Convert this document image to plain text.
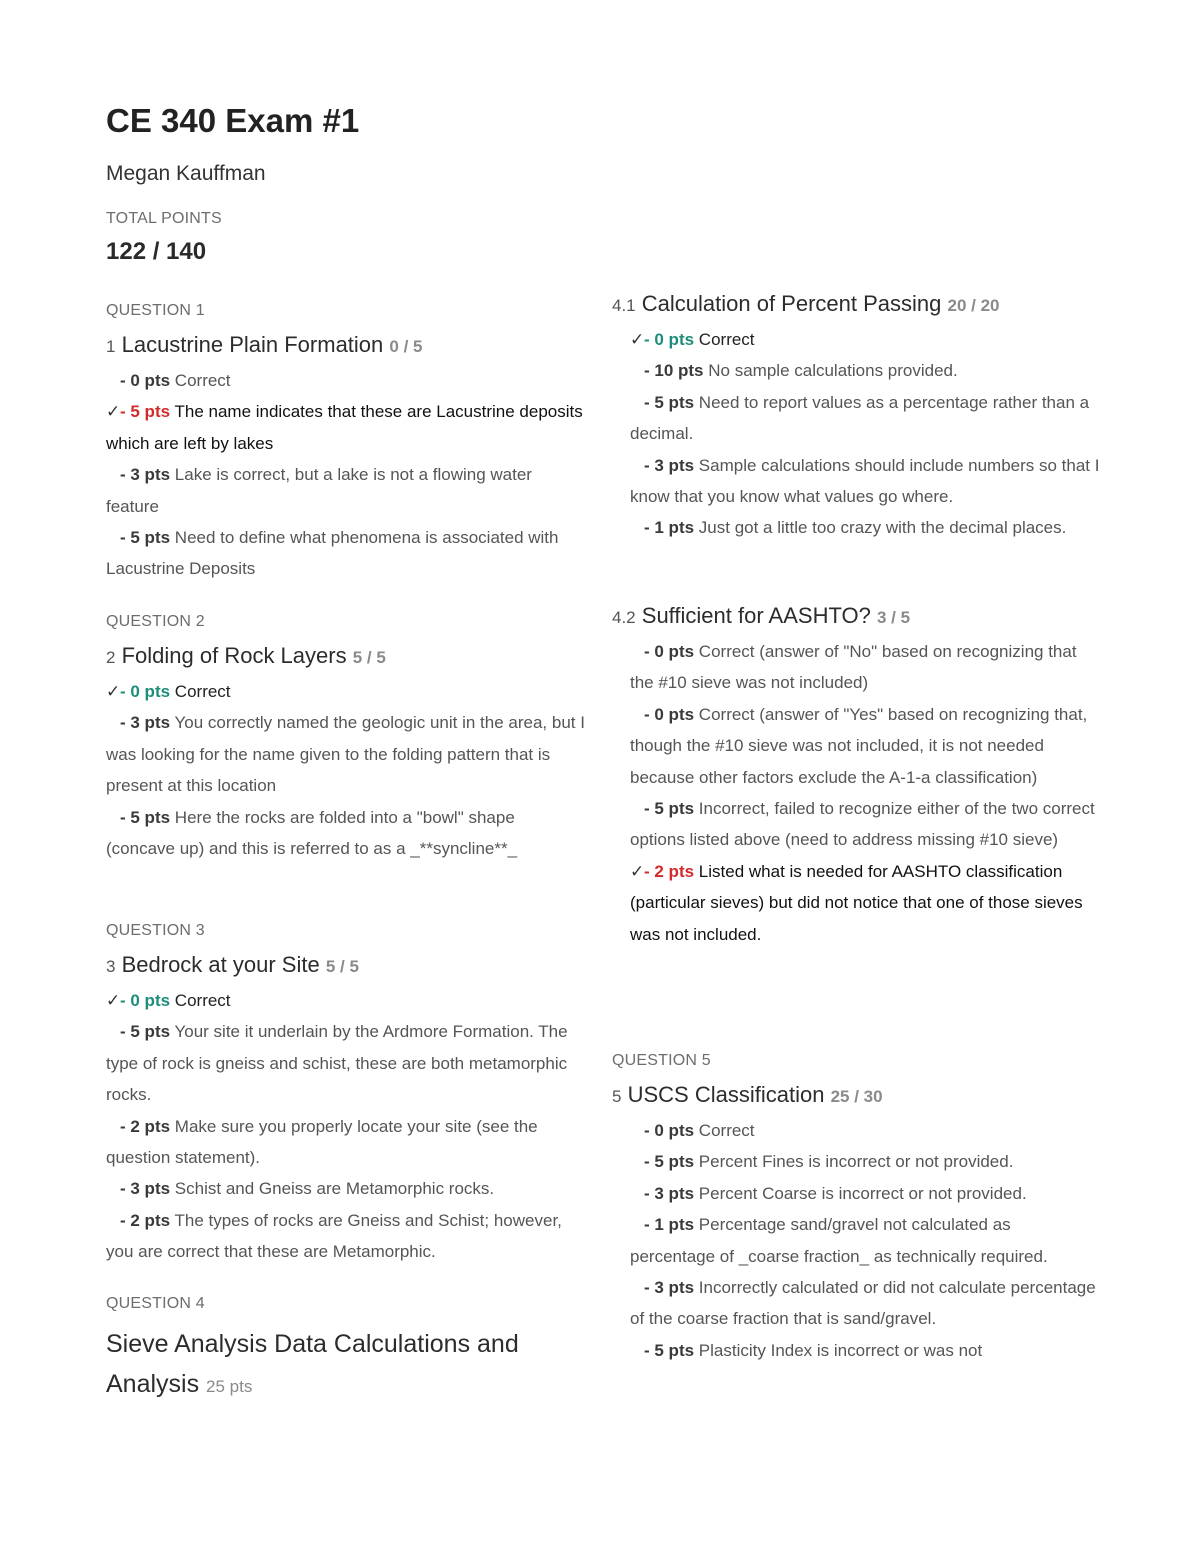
CE 340 Exam #1
Megan Kauffman
TOTAL POINTS
122 / 140
QUESTION 1
1 Lacustrine Plain Formation 0 / 5

- 0 pts Correct

✓- 5 pts The name indicates that these are Lacustrine deposits which are left by lakes

- 3 pts Lake is correct, but a lake is not a flowing water feature

- 5 pts Need to define what phenomena is associated with Lacustrine Deposits

QUESTION 2
2 Folding of Rock Layers 5 / 5

✓- 0 pts Correct

- 3 pts You correctly named the geologic unit in the area, but I was looking for the name given to the folding pattern that is present at this location

- 5 pts Here the rocks are folded into a "bowl" shape (concave up) and this is referred to as a _**syncline**_

QUESTION 3
3 Bedrock at your Site 5 / 5

✓- 0 pts Correct

- 5 pts Your site it underlain by the Ardmore Formation. The type of rock is gneiss and schist, these are both metamorphic rocks.

- 2 pts Make sure you properly locate your site (see the question statement).

- 3 pts Schist and Gneiss are Metamorphic rocks.

- 2 pts The types of rocks are Gneiss and Schist; however, you are correct that these are Metamorphic.

QUESTION 4
Sieve Analysis Data Calculations and Analysis 25 pts
4.1 Calculation of Percent Passing 20 / 20

✓- 0 pts Correct

- 10 pts No sample calculations provided.

- 5 pts Need to report values as a percentage rather than a decimal.

- 3 pts Sample calculations should include numbers so that I know that you know what values go where.

- 1 pts Just got a little too crazy with the decimal places.

4.2 Sufficient for AASHTO? 3 / 5

- 0 pts Correct (answer of "No" based on recognizing that the #10 sieve was not included)

- 0 pts Correct (answer of "Yes" based on recognizing that, though the #10 sieve was not included, it is not needed because other factors exclude the A-1-a classification)

- 5 pts Incorrect, failed to recognize either of the two correct options listed above (need to address missing #10 sieve)

✓- 2 pts Listed what is needed for AASHTO classification (particular sieves) but did not notice that one of those sieves was not included.

QUESTION 5
5 USCS Classification 25 / 30

- 0 pts Correct

- 5 pts Percent Fines is incorrect or not provided.

- 3 pts Percent Coarse is incorrect or not provided.

- 1 pts Percentage sand/gravel not calculated as percentage of _coarse fraction_ as technically required.

- 3 pts Incorrectly calculated or did not calculate percentage of the coarse fraction that is sand/gravel.

- 5 pts Plasticity Index is incorrect or was not
